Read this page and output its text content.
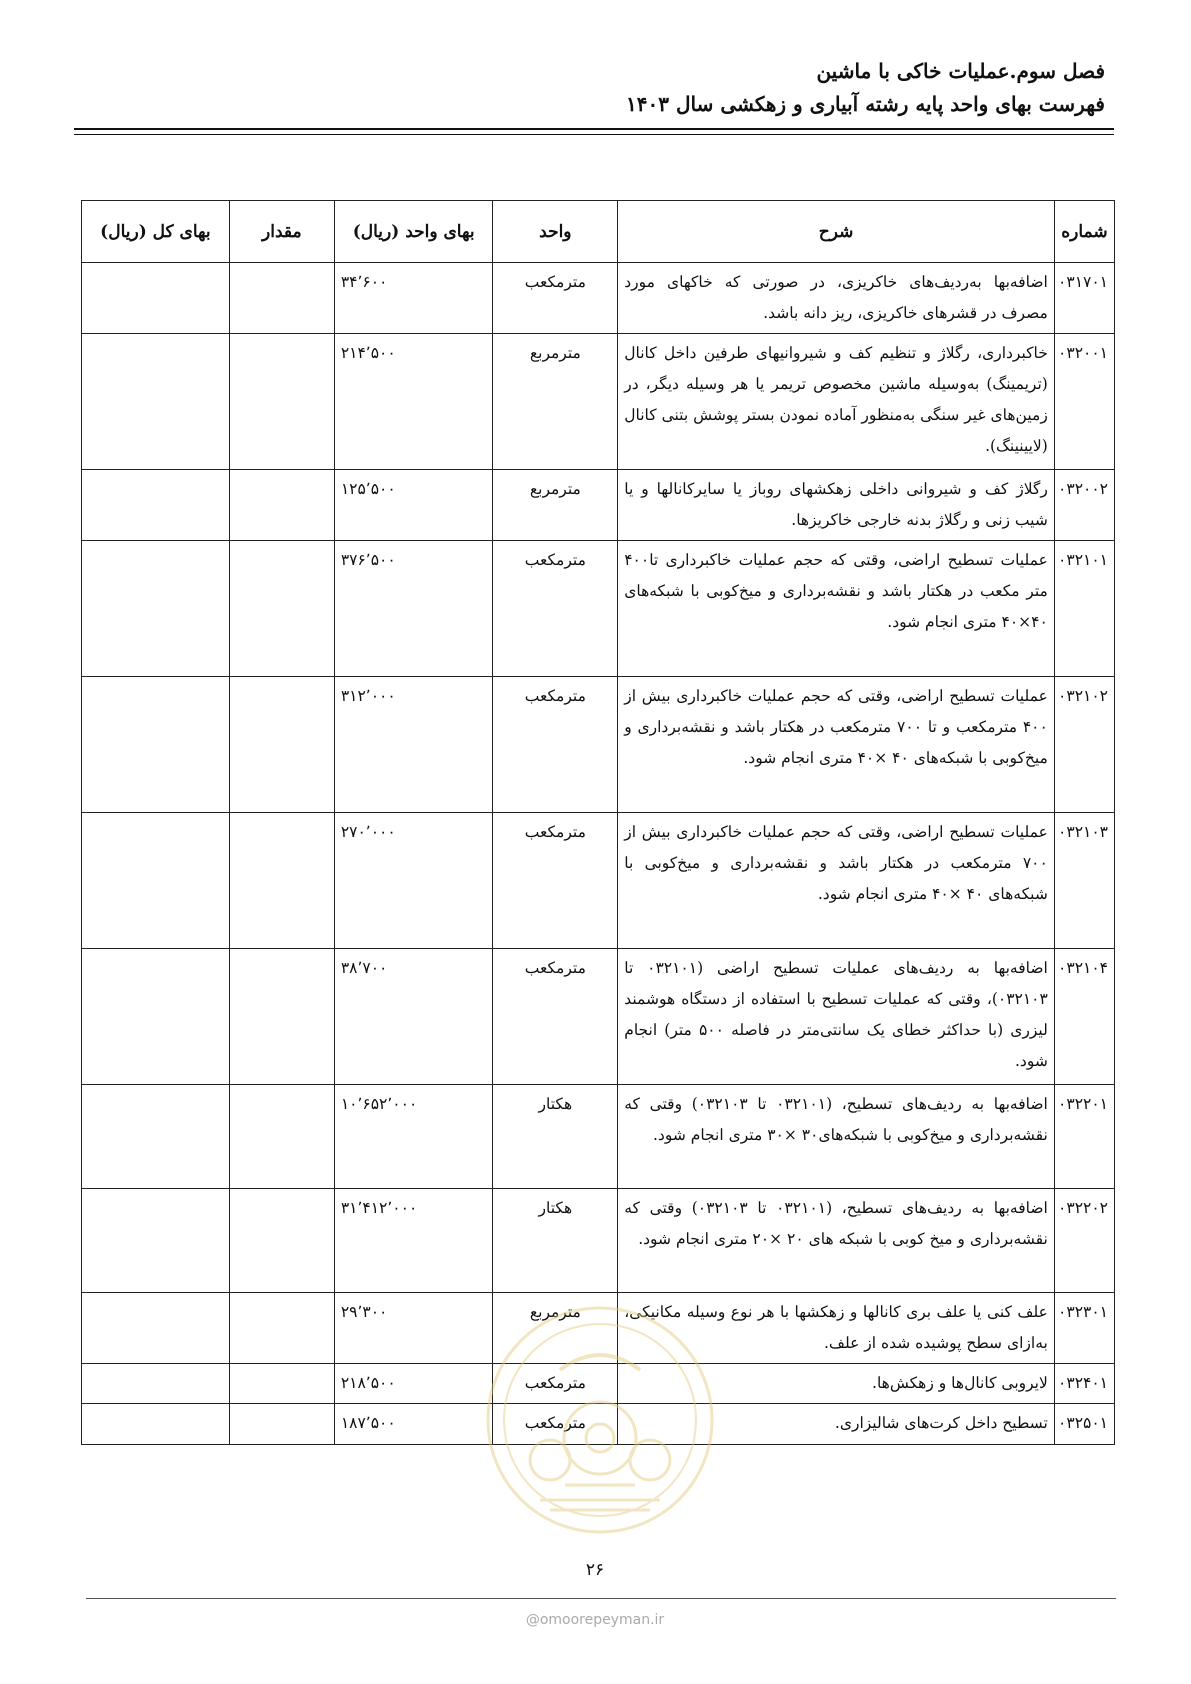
فصل سوم.عملیات خاکی با ماشین
فهرست بهای واحد پایه رشته آبیاری و زهکشی سال ۱۴۰۳
شماره	شرح	واحد	بهای واحد (ریال)	مقدار	بهای کل (ریال)
۰۳۱۷۰۱	اضافه‌بها به‌ردیف‌های خاکریزی، در صورتی که خاکهای مورد مصرف در قشرهای خاکریزی، ریز دانه باشد.	مترمکعب	۳۴٬۶۰۰		
۰۳۲۰۰۱	خاکبرداری، رگلاژ و تنظیم کف و شیروانیهای طرفین داخل کانال (تریمینگ) به‌وسیله ماشین مخصوص تریمر یا هر وسیله دیگر، در زمین‌های غیر سنگی به‌منظور آماده نمودن بستر پوشش بتنی کانال (لایینینگ).	مترمربع	۲۱۴٬۵۰۰		
۰۳۲۰۰۲	رگلاژ کف و شیروانی داخلی زهکشهای روباز یا سایرکانالها و یا شیب زنی و رگلاژ بدنه خارجی خاکریزها.	مترمربع	۱۲۵٬۵۰۰		
۰۳۲۱۰۱	عملیات تسطیح اراضی، وقتی که حجم عملیات خاکبرداری تا۴۰۰ متر مکعب در هکتار باشد و نقشه‌برداری و میخ‌کوبی با شبکه‌های ۴۰×۴۰ متری انجام شود.	مترمکعب	۳۷۶٬۵۰۰		
۰۳۲۱۰۲	عملیات تسطیح اراضی، وقتی که حجم عملیات خاکبرداری بیش از ۴۰۰ مترمکعب و تا ۷۰۰ مترمکعب در هکتار باشد و نقشه‌برداری و میخ‌کوبی با شبکه‌های ۴۰ ×۴۰ متری انجام شود.	مترمکعب	۳۱۲٬۰۰۰		
۰۳۲۱۰۳	عملیات تسطیح اراضی، وقتی که حجم عملیات خاکبرداری بیش از ۷۰۰ مترمکعب در هکتار باشد و نقشه‌برداری و میخ‌کوبی با شبکه‌های ۴۰ ×۴۰ متری انجام شود.	مترمکعب	۲۷۰٬۰۰۰		
۰۳۲۱۰۴	اضافه‌بها به ردیف‌های عملیات تسطیح اراضی (۰۳۲۱۰۱ تا ۰۳۲۱۰۳)، وقتی که عملیات تسطیح با استفاده از دستگاه هوشمند لیزری (با حداکثر خطای یک سانتی‌متر در فاصله ۵۰۰ متر) انجام شود.	مترمکعب	۳۸٬۷۰۰		
۰۳۲۲۰۱	اضافه‌بها به ردیف‌های تسطیح، (۰۳۲۱۰۱ تا ۰۳۲۱۰۳) وقتی که نقشه‌برداری و میخ‌کوبی با شبکه‌های۳۰ ×۳۰ متری انجام شود.	هکتار	۱۰٬۶۵۲٬۰۰۰		
۰۳۲۲۰۲	اضافه‌بها به ردیف‌های تسطیح، (۰۳۲۱۰۱ تا ۰۳۲۱۰۳) وقتی که نقشه‌برداری و میخ کوبی با شبکه های ۲۰ ×۲۰ متری انجام شود.	هکتار	۳۱٬۴۱۲٬۰۰۰		
۰۳۲۳۰۱	علف کنی یا علف بری کانالها و زهکشها با هر نوع وسیله مکانیکی، به‌ازای سطح پوشیده شده از علف.	مترمربع	۲۹٬۳۰۰		
۰۳۲۴۰۱	لایروبی کانال‌ها و زهکش‌ها.	مترمکعب	۲۱۸٬۵۰۰		
۰۳۲۵۰۱	تسطیح داخل کرت‌های شالیزاری.	مترمکعب	۱۸۷٬۵۰۰		
۲۶
@omoorepeyman.ir
